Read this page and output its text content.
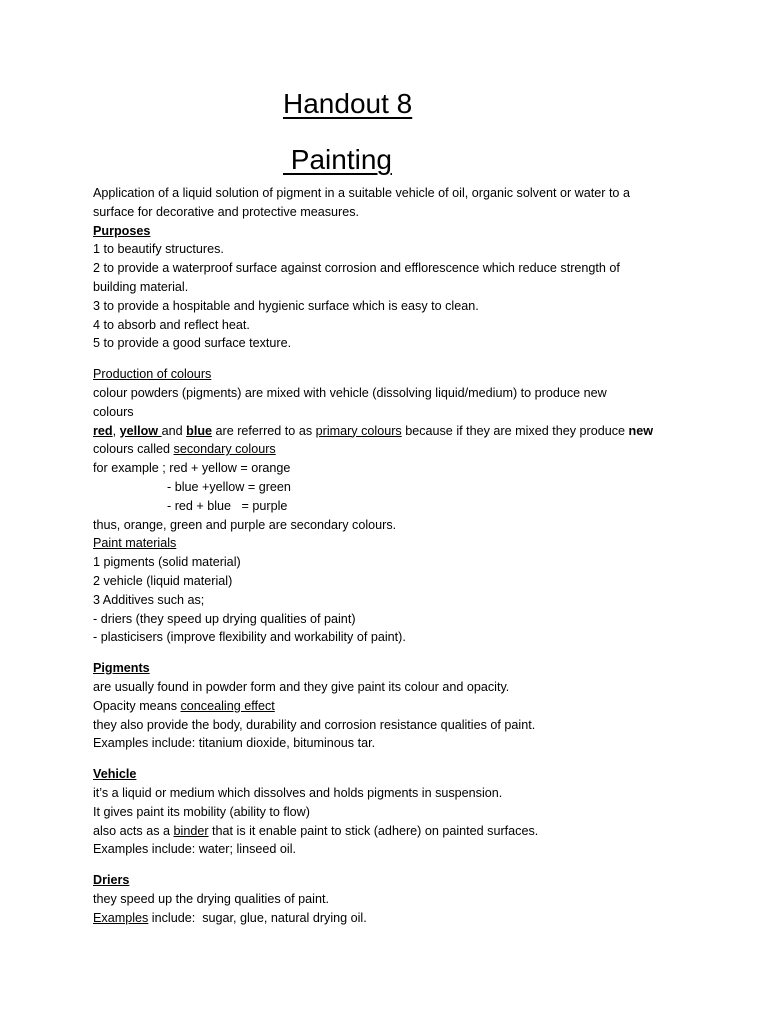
Handout 8
Painting

Application of a liquid solution of pigment in a suitable vehicle of oil, organic solvent or water to a

surface for decorative and protective measures.

Purposes

1 to beautify structures.

2 to provide a waterproof surface against corrosion and efflorescence which reduce strength of

building material.

3 to provide a hospitable and hygienic surface which is easy to clean.

4 to absorb and reflect heat.

5 to provide a good surface texture.

Production of colours

colour powders (pigments) are mixed with vehicle (dissolving liquid/medium) to produce new

colours

red, yellow and blue are referred to as primary colours because if they are mixed they produce new

colours called secondary colours

for example ; red + yellow = orange

- blue +yellow = green

- red + blue   = purple

thus, orange, green and purple are secondary colours.

Paint materials

1 pigments (solid material)

2 vehicle (liquid material)

3 Additives such as;

- driers (they speed up drying qualities of paint)

- plasticisers (improve flexibility and workability of paint).

Pigments

are usually found in powder form and they give paint its colour and opacity.

Opacity means concealing effect

they also provide the body, durability and corrosion resistance qualities of paint.

Examples include: titanium dioxide, bituminous tar.

Vehicle

it’s a liquid or medium which dissolves and holds pigments in suspension.

It gives paint its mobility (ability to flow)

also acts as a binder that is it enable paint to stick (adhere) on painted surfaces.

Examples include: water; linseed oil.

Driers

they speed up the drying qualities of paint.

Examples include:  sugar, glue, natural drying oil.
